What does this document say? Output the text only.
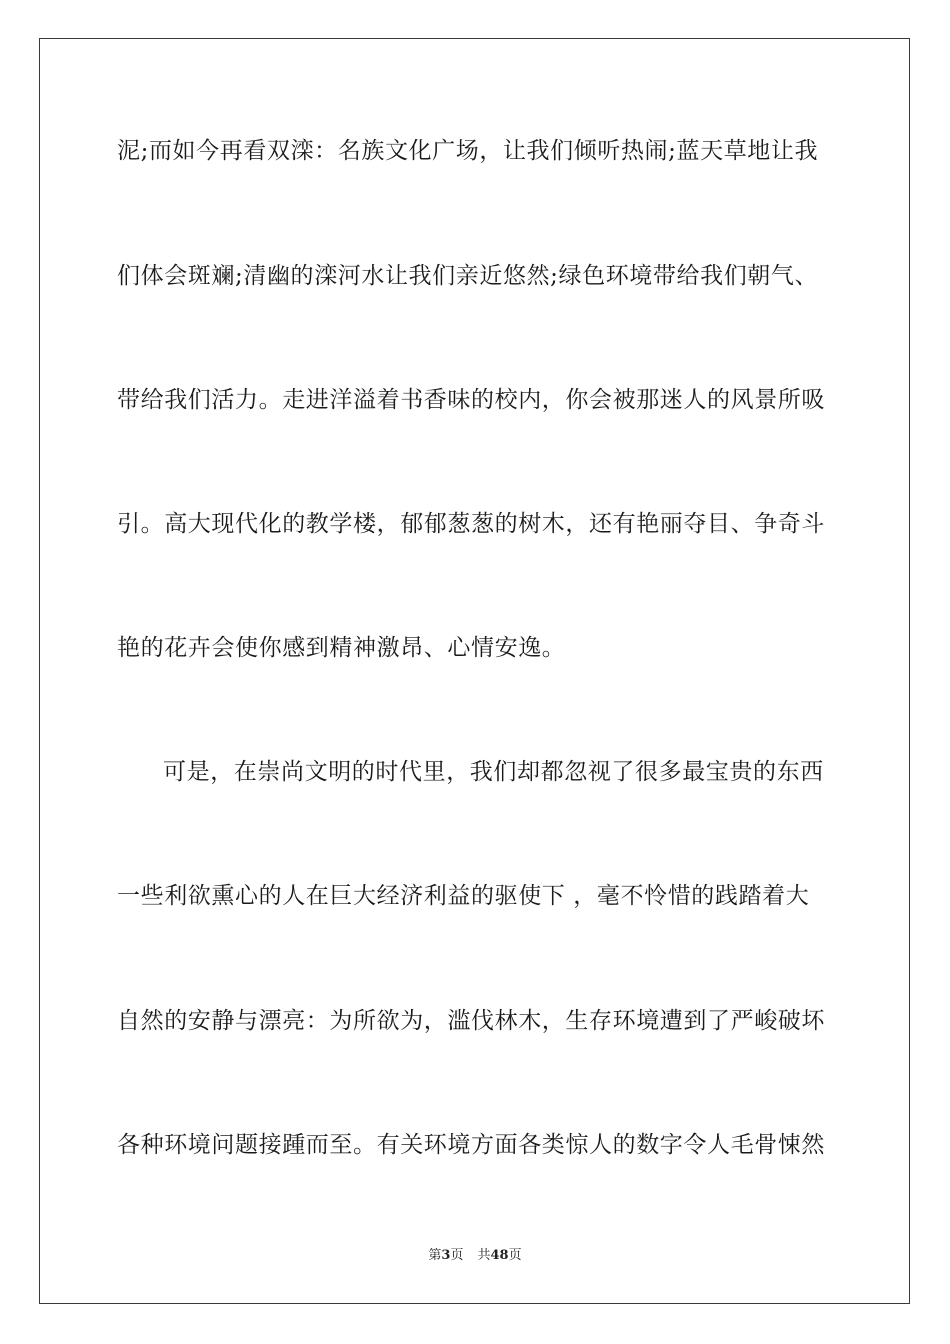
泥;而如今再看双滦：名族文化广场，让我们倾听热闹;蓝天草地让我
们体会斑斓;清幽的滦河水让我们亲近悠然;绿色环境带给我们朝气、
带给我们活力。走进洋溢着书香味的校内，你会被那迷人的风景所吸
引。高大现代化的教学楼，郁郁葱葱的树木，还有艳丽夺目、争奇斗
艳的花卉会使你感到精神激昂、心情安逸。
可是，在崇尚文明的时代里，我们却都忽视了很多最宝贵的东西
一些利欲熏心的人在巨大经济利益的驱使下 ，毫不怜惜的践踏着大
自然的安静与漂亮：为所欲为，滥伐林木，生存环境遭到了严峻破坏
各种环境问题接踵而至。有关环境方面各类惊人的数字令人毛骨悚然
第3页 共48页
